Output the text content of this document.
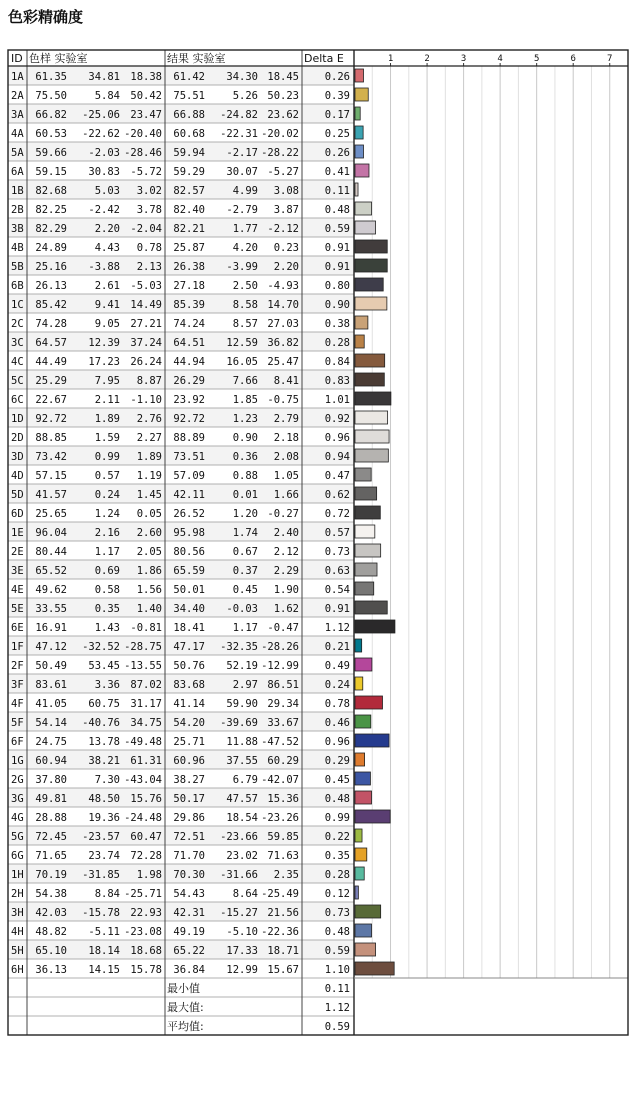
色彩精确度
ID 色样 实验室	结果 实验室	Delta E	1	2	3	4	5	6	7
1A 61.35 34.81 18.38 61.42 34.30 18.45 0.26
2A 75.50	5.84 50.42 75.51	5.26 50.23 0.39
3A 66.82 -25.06 23.47 66.88 -24.82 23.62 0.17
4A 60.53 -22.62 -20.40 60.68 -22.31 -20.02 0.25
5A 59.66 -2.03 -28.46 59.94 -2.17 -28.22 0.26
6A 59.15 30.83 -5.72 59.29 30.07 -5.27 0.41
1B 82.68	5.03 3.02 82.57	4.99 3.08 0.11
2B 82.25 -2.42 3.78 82.40 -2.79 3.87 0.48
3B 82.29	2.20 -2.04 82.21	1.77 -2.12 0.59
4B 24.89	4.43 0.78 25.87	4.20 0.23 0.91
5B 25.16 -3.88 2.13 26.38 -3.99 2.20 0.91
6B 26.13	2.61 -5.03 27.18	2.50 -4.93 0.80
1C 85.42	9.41 14.49 85.39	8.58 14.70 0.90
2C 74.28	9.05 27.21 74.24	8.57 27.03 0.38
3C 64.57 12.39 37.24 64.51 12.59 36.82 0.28
4C 44.49 17.23 26.24 44.94 16.05 25.47 0.84
5C 25.29	7.95 8.87 26.29	7.66 8.41 0.83
6C 22.67	2.11 -1.10 23.92	1.85 -0.75 1.01
1D 92.72	1.89 2.76 92.72	1.23 2.79 0.92
2D 88.85	1.59 2.27 88.89	0.90 2.18 0.96
3D 73.42	0.99 1.89 73.51	0.36 2.08 0.94
4D 57.15	0.57 1.19 57.09	0.88 1.05 0.47
5D 41.57	0.24 1.45 42.11	0.01 1.66 0.62
6D 25.65	1.24 0.05 26.52	1.20 -0.27 0.72
1E 96.04	2.16 2.60 95.98	1.74 2.40 0.57
2E 80.44	1.17 2.05 80.56	0.67 2.12 0.73
3E 65.52	0.69 1.86 65.59	0.37 2.29 0.63
4E 49.62	0.58 1.56 50.01	0.45 1.90 0.54
5E 33.55	0.35 1.40 34.40 -0.03 1.62 0.91
6E 16.91	1.43 -0.81 18.41	1.17 -0.47 1.12
1F 47.12 -32.52 -28.75 47.17 -32.35 -28.26 0.21
2F 50.49 53.45 -13.55 50.76 52.19 -12.99 0.49
3F 83.61	3.36 87.02 83.68	2.97 86.51 0.24
4F 41.05 60.75 31.17 41.14 59.90 29.34 0.78
5F 54.14 -40.76 34.75 54.20 -39.69 33.67 0.46
6F 24.75 13.78 -49.48 25.71 11.88 -47.52 0.96
1G 60.94 38.21 61.31 60.96 37.55 60.29 0.29
2G 37.80	7.30 -43.04 38.27	6.79 -42.07 0.45
3G 49.81 48.50 15.76 50.17 47.57 15.36 0.48
4G 28.88 19.36 -24.48 29.86 18.54 -23.26 0.99
5G 72.45 -23.57 60.47 72.51 -23.66 59.85 0.22
6G 71.65 23.74 72.28 71.70 23.02 71.63 0.35
1H 70.19 -31.85 1.98 70.30 -31.66 2.35 0.28
2H 54.38	8.84 -25.71 54.43	8.64 -25.49 0.12
3H 42.03 -15.78 22.93 42.31 -15.27 21.56 0.73
4H 48.82 -5.11 -23.08 49.19 -5.10 -22.36 0.48
5H 65.10 18.14 18.68 65.22 17.33 18.71 0.59
6H 36.13 14.15 15.78 36.84 12.99 15.67 1.10
最小值	0.11
最大值:	1.12
平均值:	0.59
